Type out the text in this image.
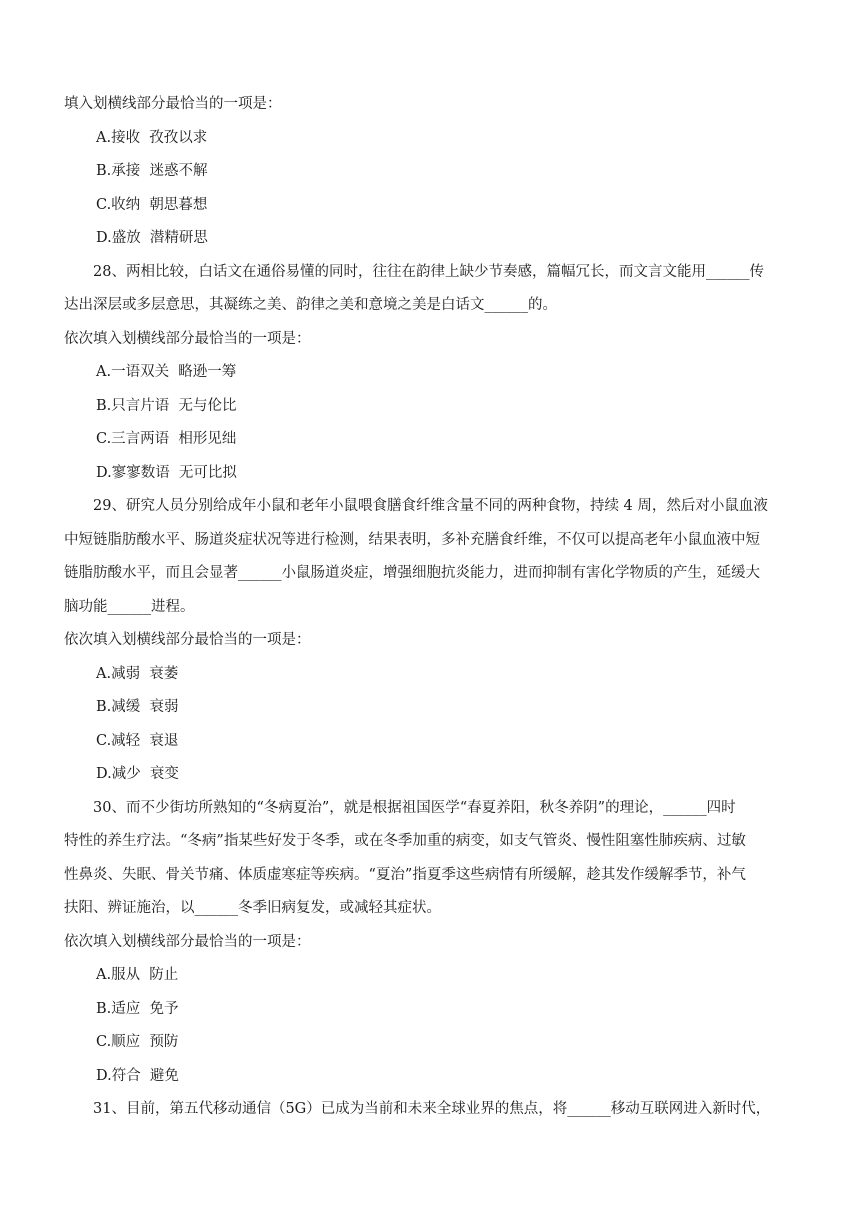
填入划横线部分最恰当的一项是：
A.接收  孜孜以求
B.承接  迷惑不解
C.收纳  朝思暮想
D.盛放  潜精研思
28、两相比较，白话文在通俗易懂的同时，往往在韵律上缺少节奏感，篇幅冗长，而文言文能用______传
达出深层或多层意思，其凝练之美、韵律之美和意境之美是白话文______的。
依次填入划横线部分最恰当的一项是：
A.一语双关  略逊一筹
B.只言片语  无与伦比
C.三言两语  相形见绌
D.寥寥数语  无可比拟
29、研究人员分别给成年小鼠和老年小鼠喂食膳食纤维含量不同的两种食物，持续 4 周，然后对小鼠血液
中短链脂肪酸水平、肠道炎症状况等进行检测，结果表明，多补充膳食纤维，不仅可以提高老年小鼠血液中短
链脂肪酸水平，而且会显著______小鼠肠道炎症，增强细胞抗炎能力，进而抑制有害化学物质的产生，延缓大
脑功能______进程。
依次填入划横线部分最恰当的一项是：
A.减弱  衰萎
B.减缓  衰弱
C.减轻  衰退
D.减少  衰变
30、而不少街坊所熟知的“冬病夏治”，就是根据祖国医学“春夏养阳，秋冬养阴”的理论，______四时
特性的养生疗法。“冬病”指某些好发于冬季，或在冬季加重的病变，如支气管炎、慢性阻塞性肺疾病、过敏
性鼻炎、失眠、骨关节痛、体质虚寒症等疾病。“夏治”指夏季这些病情有所缓解，趁其发作缓解季节，补气
扶阳、辨证施治，以______冬季旧病复发，或减轻其症状。
依次填入划横线部分最恰当的一项是：
A.服从  防止
B.适应  免予
C.顺应  预防
D.符合  避免
31、目前，第五代移动通信（5G）已成为当前和未来全球业界的焦点，将______移动互联网进入新时代，
